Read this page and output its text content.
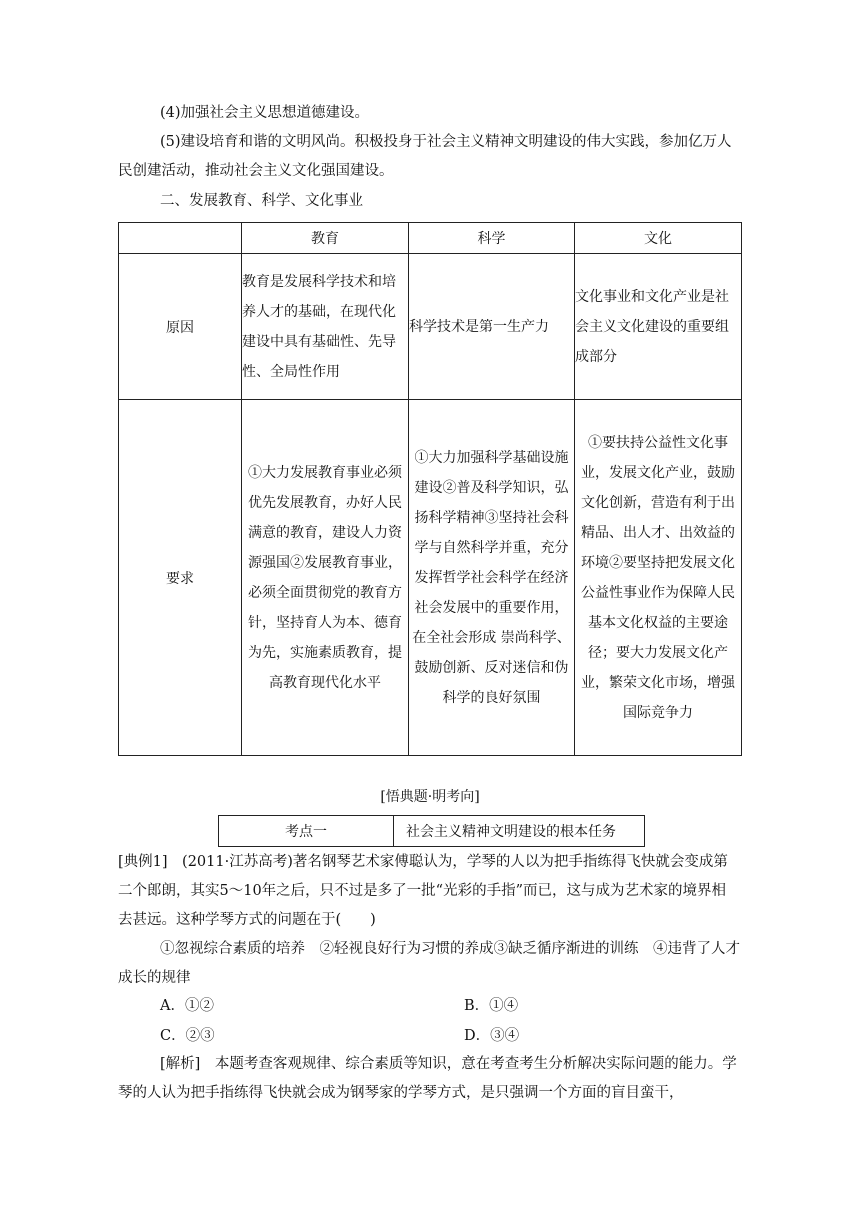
(4)加强社会主义思想道德建设。

(5)建设培育和谐的文明风尚。积极投身于社会主义精神文明建设的伟大实践，参加亿万人民创建活动，推动社会主义文化强国建设。

二、发展教育、科学、文化事业

	教育	科学	文化
原因	教育是发展科学技术和培养人才的基础，在现代化建设中具有基础性、先导性、全局性作用	科学技术是第一生产力	文化事业和文化产业是社会主义文化建设的重要组成部分
要求	①大力发展教育事业必须优先发展教育，办好人民满意的教育，建设人力资源强国②发展教育事业，必须全面贯彻党的教育方针，坚持育人为本、德育为先，实施素质教育，提高教育现代化水平	①大力加强科学基础设施建设②普及科学知识，弘扬科学精神③坚持社会科学与自然科学并重，充分发挥哲学社会科学在经济社会发展中的重要作用，在全社会形成 崇尚科学、鼓励创新、反对迷信和伪科学的良好氛围	①要扶持公益性文化事业，发展文化产业，鼓励文化创新，营造有利于出精品、出人才、出效益的环境②要坚持把发展文化公益性事业作为保障人民基本文化权益的主要途径；要大力发展文化产业，繁荣文化市场，增强国际竞争力
[悟典题·明考向]
考点一	社会主义精神文明建设的根本任务

[典例1]　(2011·江苏高考)著名钢琴艺术家傅聪认为，学琴的人以为把手指练得飞快就会变成第二个郎朗，其实5～10年之后，只不过是多了一批“光彩的手指”而已，这与成为艺术家的境界相去甚远。这种学琴方式的问题在于(　　)

①忽视综合素质的培养　②轻视良好行为习惯的养成③缺乏循序渐进的训练　④违背了人才成长的规律

A．①②	B．①④
C．②③	D．③④

[解析]　本题考查客观规律、综合素质等知识，意在考查考生分析解决实际问题的能力。学琴的人认为把手指练得飞快就会成为钢琴家的学琴方式，是只强调一个方面的盲目蛮干，
